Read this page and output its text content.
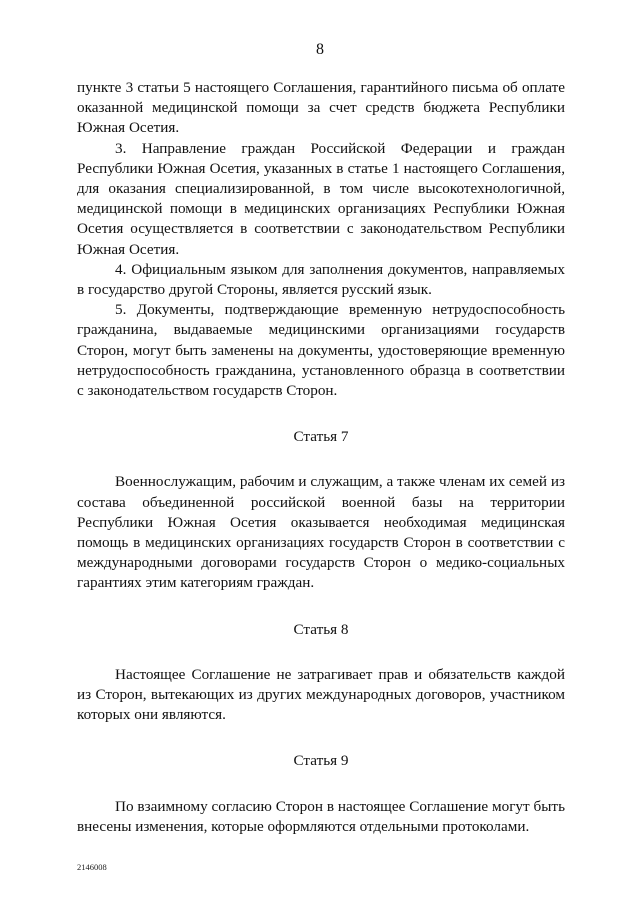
8

пункте 3 статьи 5 настоящего Соглашения, гарантийного письма об оплате оказанной медицинской помощи за счет средств бюджета Республики Южная Осетия.

3. Направление граждан Российской Федерации и граждан Республики Южная Осетия, указанных в статье 1 настоящего Соглашения, для оказания специализированной, в том числе высокотехнологичной, медицинской помощи в медицинских организациях Республики Южная Осетия осуществляется в соответствии с законодательством Республики Южная Осетия.

4. Официальным языком для заполнения документов, направляемых в государство другой Стороны, является русский язык.

5. Документы, подтверждающие временную нетрудоспособность гражданина, выдаваемые медицинскими организациями государств Сторон, могут быть заменены на документы, удостоверяющие временную нетрудоспособность гражданина, установленного образца в соответствии с законодательством государств Сторон.

Статья 7

Военнослужащим, рабочим и служащим, а также членам их семей из состава объединенной российской военной базы на территории Республики Южная Осетия оказывается необходимая медицинская помощь в медицинских организациях государств Сторон в соответствии с международными договорами государств Сторон о медико-социальных гарантиях этим категориям граждан.

Статья 8

Настоящее Соглашение не затрагивает прав и обязательств каждой из Сторон, вытекающих из других международных договоров, участником которых они являются.

Статья 9

По взаимному согласию Сторон в настоящее Соглашение могут быть внесены изменения, которые оформляются отдельными протоколами.

2146008
